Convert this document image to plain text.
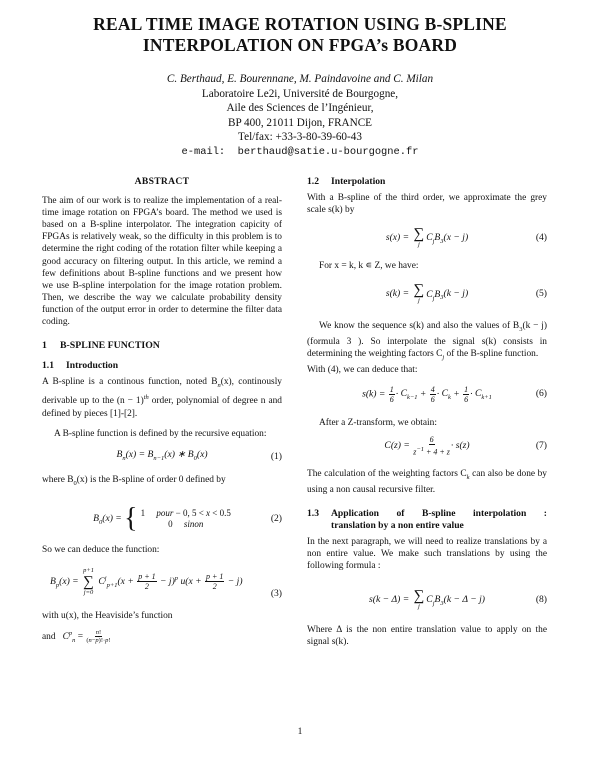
REAL TIME IMAGE ROTATION USING B-SPLINE
INTERPOLATION ON FPGA’s BOARD
C. Berthaud, E. Bourennane, M. Paindavoine and C. Milan
Laboratoire Le2i, Université de Bourgogne,
Aile des Sciences de l’Ingénieur,
BP 400, 21011 Dijon, FRANCE
Tel/fax: +33-3-80-39-60-43
e-mail:  berthaud@satie.u-bourgogne.fr
ABSTRACT

The aim of our work is to realize the implementation of a real-time image rotation on FPGA’s board. The method we used is based on a B-spline interpolator. The integration capicity of FPGAs is relatively weak, so the difficulty in this problem is to determine the right coding of the rotation filter while keeping a good accuracy on filtering output. In this article, we remind a few definitions about B-spline functions and we present how we use B-spline interpolation for the image rotation problem. Then, we describe the way we calculate probability density function of the output error in order to determine the filter data coding.

1 B-SPLINE FUNCTION
1.1 Introduction

A B-spline is a continous function, noted $B_n(x)$, continously derivable up to the $(n - 1)^{th}$ order, polynomial of degree n and defined by pieces [1]-[2].

A B-spline function is defined by the recursive equation:

$B_n(x) = B_{n-1}(x)$ ∗ $B_0(x)$	(1)

where $B_0(x)$ is the B-spline of order 0 defined by

$B_0(x)$ = { 1     pour − 0, 5 < x < 0.5
0     sinon
(2)

So we can deduce the function:

$B_p(x)$ =
p+1
∑
j=0
$C^j_{p+1}(x + \frac{p + 1}{2} - j)^p$ $u(x + \frac{p + 1}{2} - j)$
(3)

with u(x), the Heaviside’s function

and $C^p_n = \frac{n!}{(n-p)!\cdot p!}$

1.2 Interpolation

With a B-spline of the third order, we approximate the grey scale s(k) by

s(x) = ∑
j
$C_jB_3(x - j)$	(4)

For x = k, k ∊ Z, we have:

s(k) = ∑
j
$C_jB_3(k - j)$	(5)

We know the sequence s(k) and also the values of $B_3(k - j)$ (formula 3 ). So interpolate the signal s(k) consists in determining the weighting factors $C_j$ of the B-spline function.

With (4), we can deduce that:

$s(k) = \frac{1}{6} \cdot C_{k-1} + \frac{4}{6} \cdot C_k + \frac{1}{6} \cdot C_{k+1}$	(6)

After a Z-transform, we obtain:

$C(z) = \frac{6}{z^{-1} + 4 + z} \cdot s(z)$	(7)

The calculation of the weighting factors $C_k$ can also be done by using a non causal recursive filter.

1.3	Application of B-spline interpolation :
translation by a non entire value

In the next paragraph, we will need to realize translations by a non entire value. We make such translations by using the following formula :

s(k − Δ) = ∑
j
$C_jB_3(k - \Delta - j)$	(8)

Where Δ is the non entire translation value to apply on the signal s(k).

1
